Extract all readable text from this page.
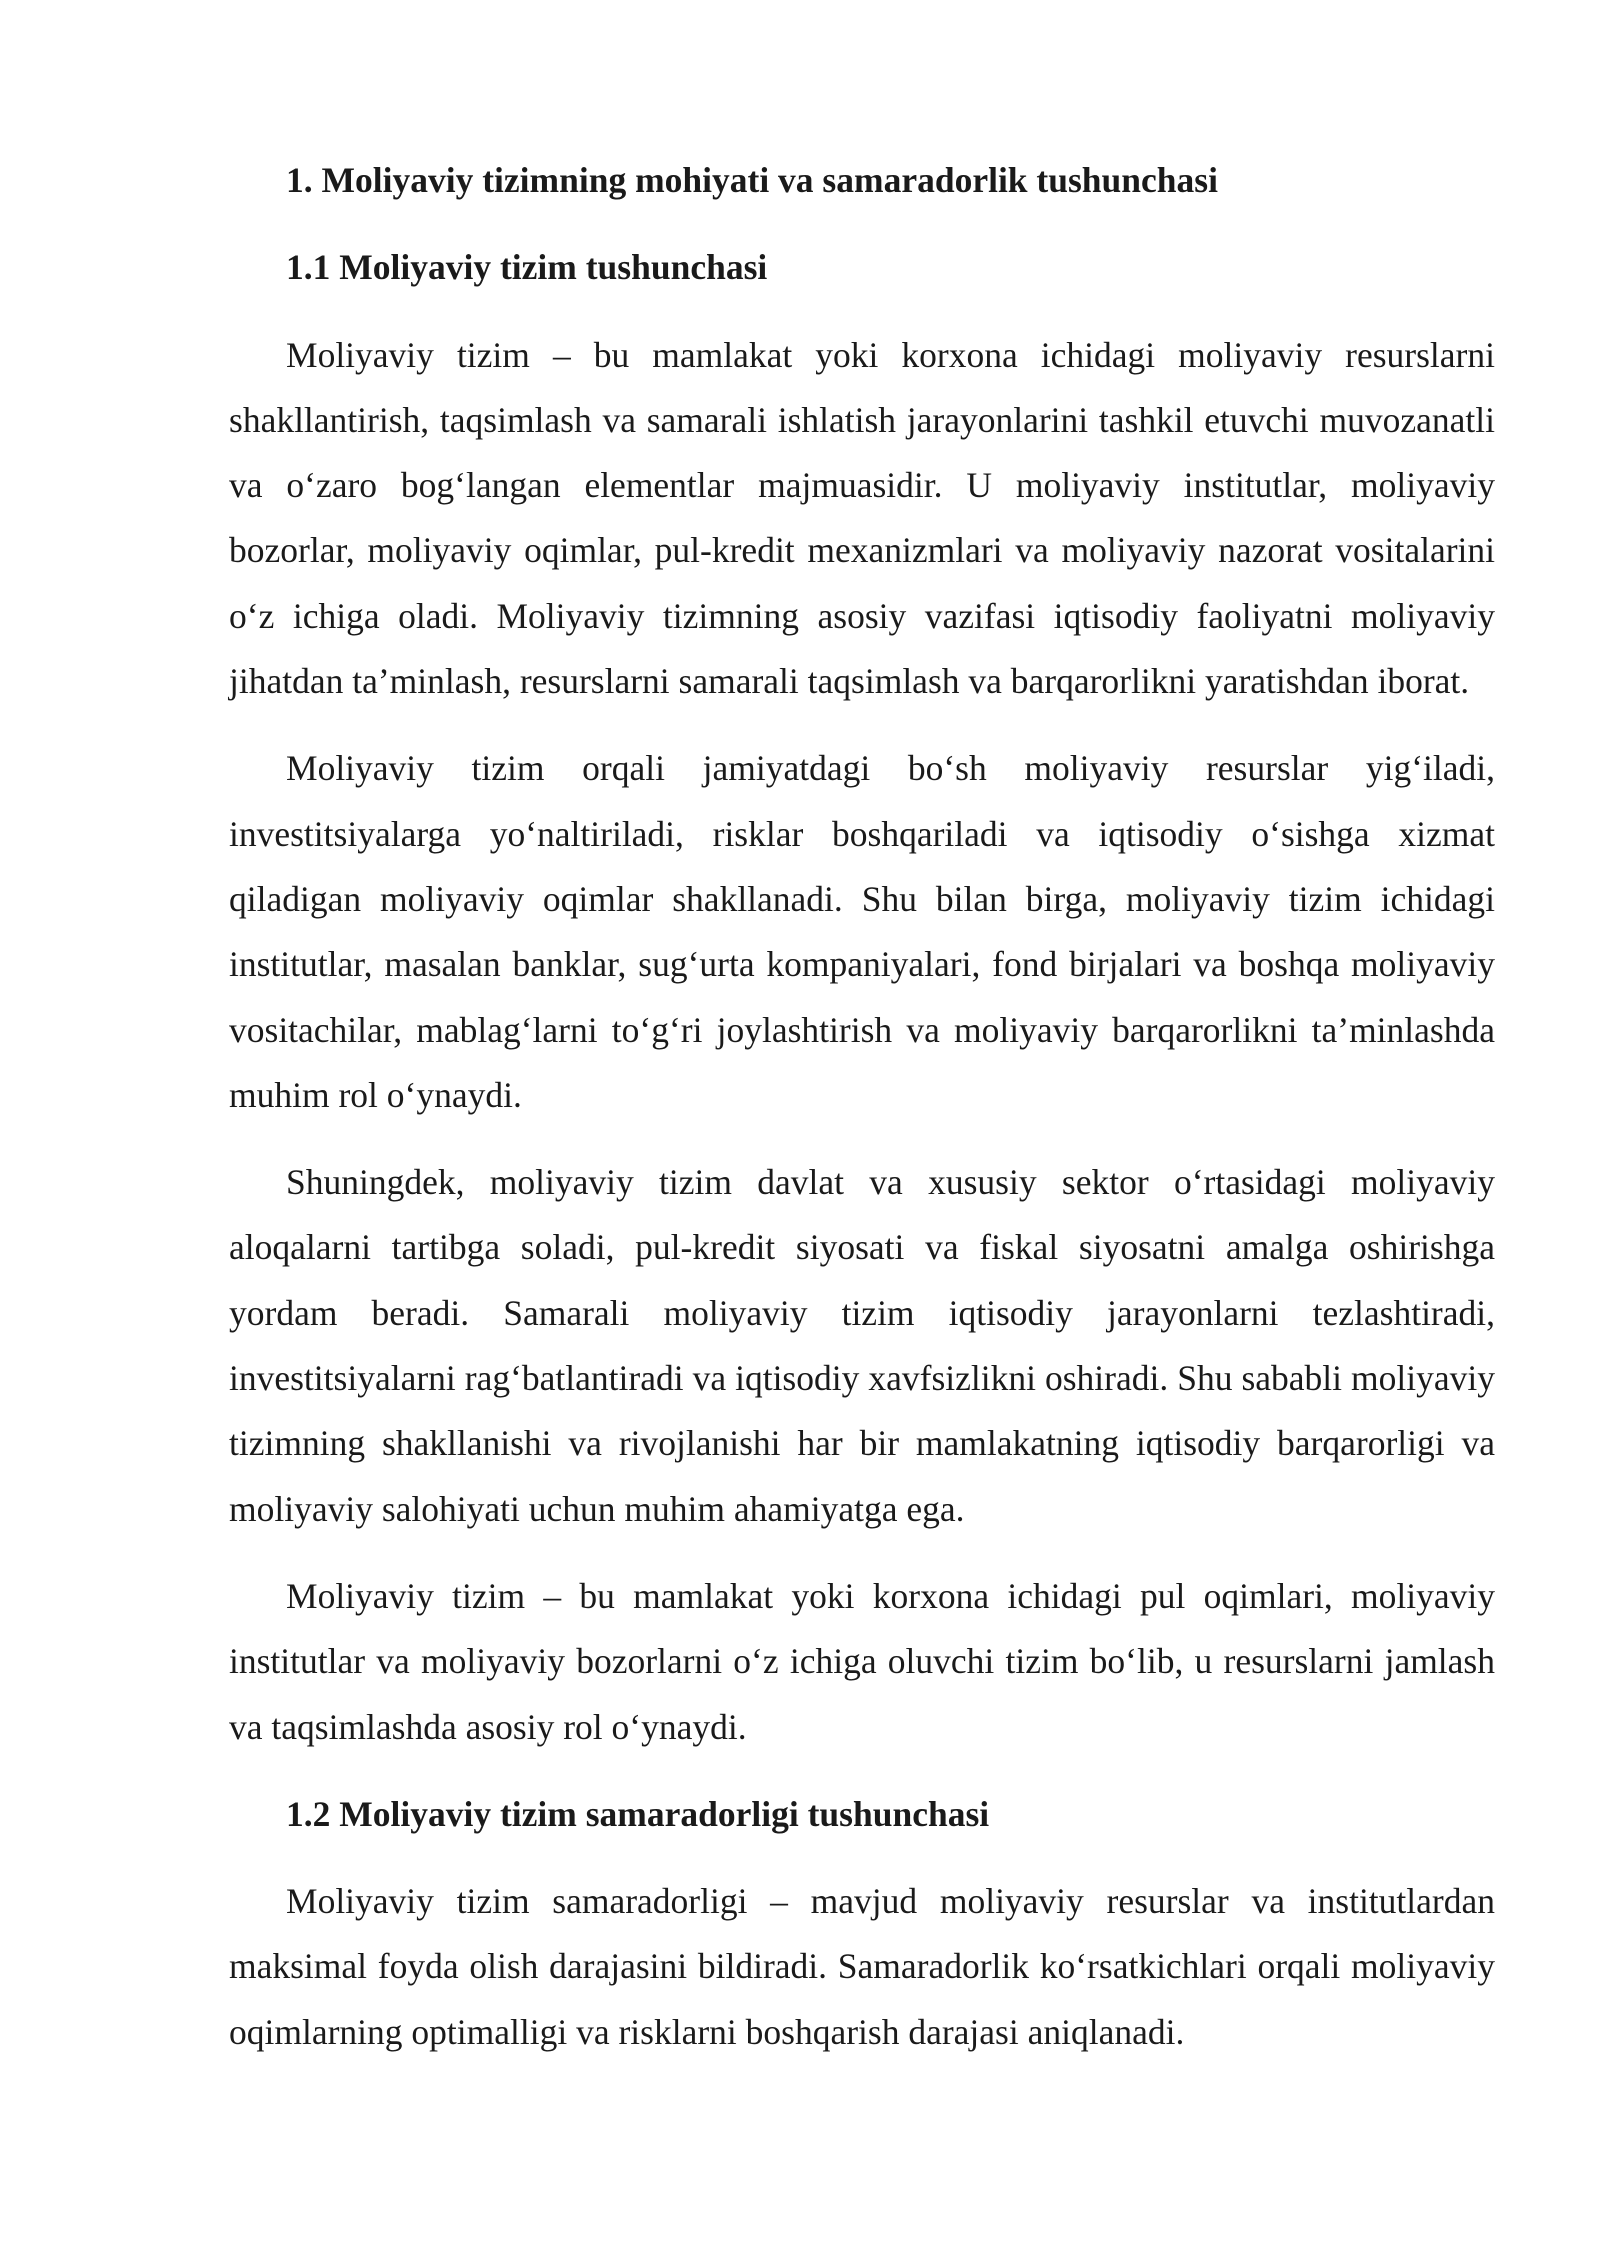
1. Moliyaviy tizimning mohiyati va samaradorlik tushunchasi
1.1 Moliyaviy tizim tushunchasi

Moliyaviy tizim – bu mamlakat yoki korxona ichidagi moliyaviy resurslarni shakllantirish, taqsimlash va samarali ishlatish jarayonlarini tashkil etuvchi muvozanatli va o‘zaro bog‘langan elementlar majmuasidir. U moliyaviy institutlar, moliyaviy bozorlar, moliyaviy oqimlar, pul-kredit mexanizmlari va moliyaviy nazorat vositalarini o‘z ichiga oladi. Moliyaviy tizimning asosiy vazifasi iqtisodiy faoliyatni moliyaviy jihatdan ta’minlash, resurslarni samarali taqsimlash va barqarorlikni yaratishdan iborat.

Moliyaviy tizim orqali jamiyatdagi bo‘sh moliyaviy resurslar yig‘iladi, investitsiyalarga yo‘naltiriladi, risklar boshqariladi va iqtisodiy o‘sishga xizmat qiladigan moliyaviy oqimlar shakllanadi. Shu bilan birga, moliyaviy tizim ichidagi institutlar, masalan banklar, sug‘urta kompaniyalari, fond birjalari va boshqa moliyaviy vositachilar, mablag‘larni to‘g‘ri joylashtirish va moliyaviy barqarorlikni ta’minlashda muhim rol o‘ynaydi.

Shuningdek, moliyaviy tizim davlat va xususiy sektor o‘rtasidagi moliyaviy aloqalarni tartibga soladi, pul-kredit siyosati va fiskal siyosatni amalga oshirishga yordam beradi. Samarali moliyaviy tizim iqtisodiy jarayonlarni tezlashtiradi, investitsiyalarni rag‘batlantiradi va iqtisodiy xavfsizlikni oshiradi. Shu sababli moliyaviy tizimning shakllanishi va rivojlanishi har bir mamlakatning iqtisodiy barqarorligi va moliyaviy salohiyati uchun muhim ahamiyatga ega.

Moliyaviy tizim – bu mamlakat yoki korxona ichidagi pul oqimlari, moliyaviy institutlar va moliyaviy bozorlarni o‘z ichiga oluvchi tizim bo‘lib, u resurslarni jamlash va taqsimlashda asosiy rol o‘ynaydi.

1.2 Moliyaviy tizim samaradorligi tushunchasi

Moliyaviy tizim samaradorligi – mavjud moliyaviy resurslar va institutlardan maksimal foyda olish darajasini bildiradi. Samaradorlik ko‘rsatkichlari orqali moliyaviy oqimlarning optimalligi va risklarni boshqarish darajasi aniqlanadi.
